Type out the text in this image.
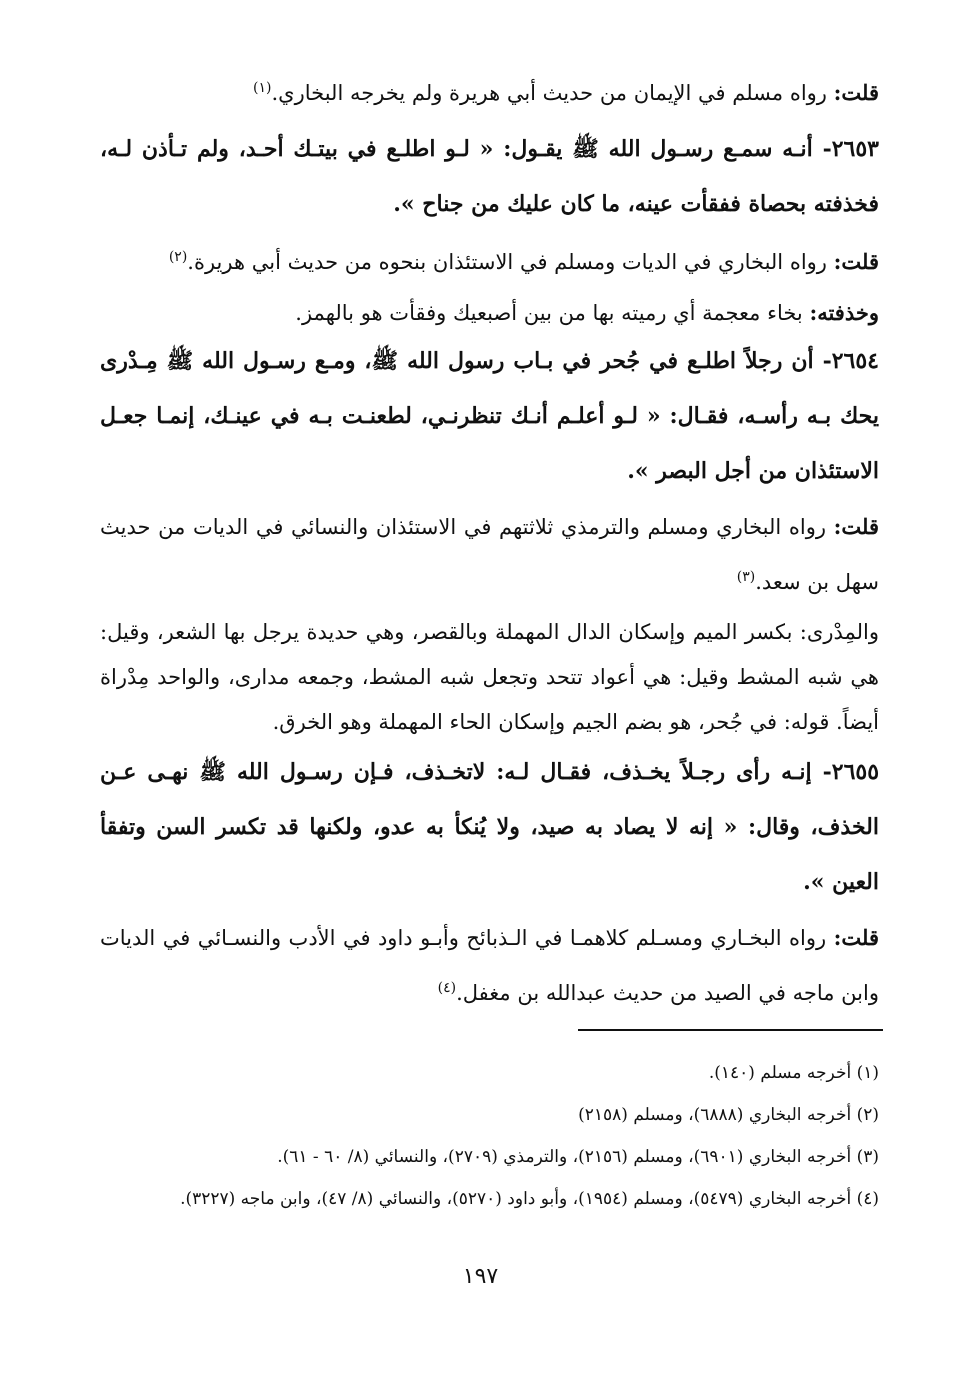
قلت: رواه مسلم في الإيمان من حديث أبي هريرة ولم يخرجه البخاري.$^{(١)}$

٢٦٥٣- أنـه سمـع رسـول الله ﷺ يقـول: « لـو اطلـع في بيتـك أحـد، ولم تـأذن لـه، فخذفته بحصاة ففقأت عينه، ما كان عليك من جناح ».

قلت: رواه البخاري في الديات ومسلم في الاستئذان بنحوه من حديث أبي هريرة.$^{(٢)}$

وخذفته: بخاء معجمة أي رميته بها من بين أصبعيك وفقأت هو بالهمز.

٢٦٥٤- أن رجلاً اطلـع في جُحر في بـاب رسول الله ﷺ، ومـع رسـول الله ﷺ مِـدْرى يحك بـه رأسـه، فقـال: « لـو أعلـم أنـك تنظرنـي، لطعنـت بـه في عينـك، إنمـا جعـل الاستئذان من أجل البصر ».

قلت: رواه البخاري ومسلم والترمذي ثلاثتهم في الاستئذان والنسائي في الديات من حديث سهل بن سعد.$^{(٣)}$

والمِدْرى: بكسر الميم وإسكان الدال المهملة وبالقصر، وهي حديدة يرجل بها الشعر، وقيل: هي شبه المشط وقيل: هي أعواد تتحد وتجعل شبه المشط، وجمعه مدارى، والواحد مِدْراة أيضاً. قوله: في جُحر، هو بضم الجيم وإسكان الحاء المهملة وهو الخرق.

٢٦٥٥- إنـه رأى رجـلاً يخـذف، فقـال لـه: لاتخـذف، فـإن رسـول الله ﷺ نهـى عـن الخذف، وقال: « إنه لا يصاد به صيد، ولا يُنكأ به عدو، ولكنها قد تكسر السن وتفقأ العين ».

قلت: رواه البخـاري ومسـلم كلاهمـا في الـذبائح وأبـو داود في الأدب والنسـائي في الديات وابن ماجه في الصيد من حديث عبدالله بن مغفل.$^{(٤)}$

(١) أخرجه مسلم (١٤٠).

(٢) أخرجه البخاري (٦٨٨٨)، ومسلم (٢١٥٨)

(٣) أخرجه البخاري (٦٩٠١)، ومسلم (٢١٥٦)، والترمذي (٢٧٠٩)، والنسائي (٨/ ٦٠ - ٦١).

(٤) أخرجه البخاري (٥٤٧٩)، ومسلم (١٩٥٤)، وأبو داود (٥٢٧٠)، والنسائي (٨/ ٤٧)، وابن ماجه (٣٢٢٧).

١٩٧
